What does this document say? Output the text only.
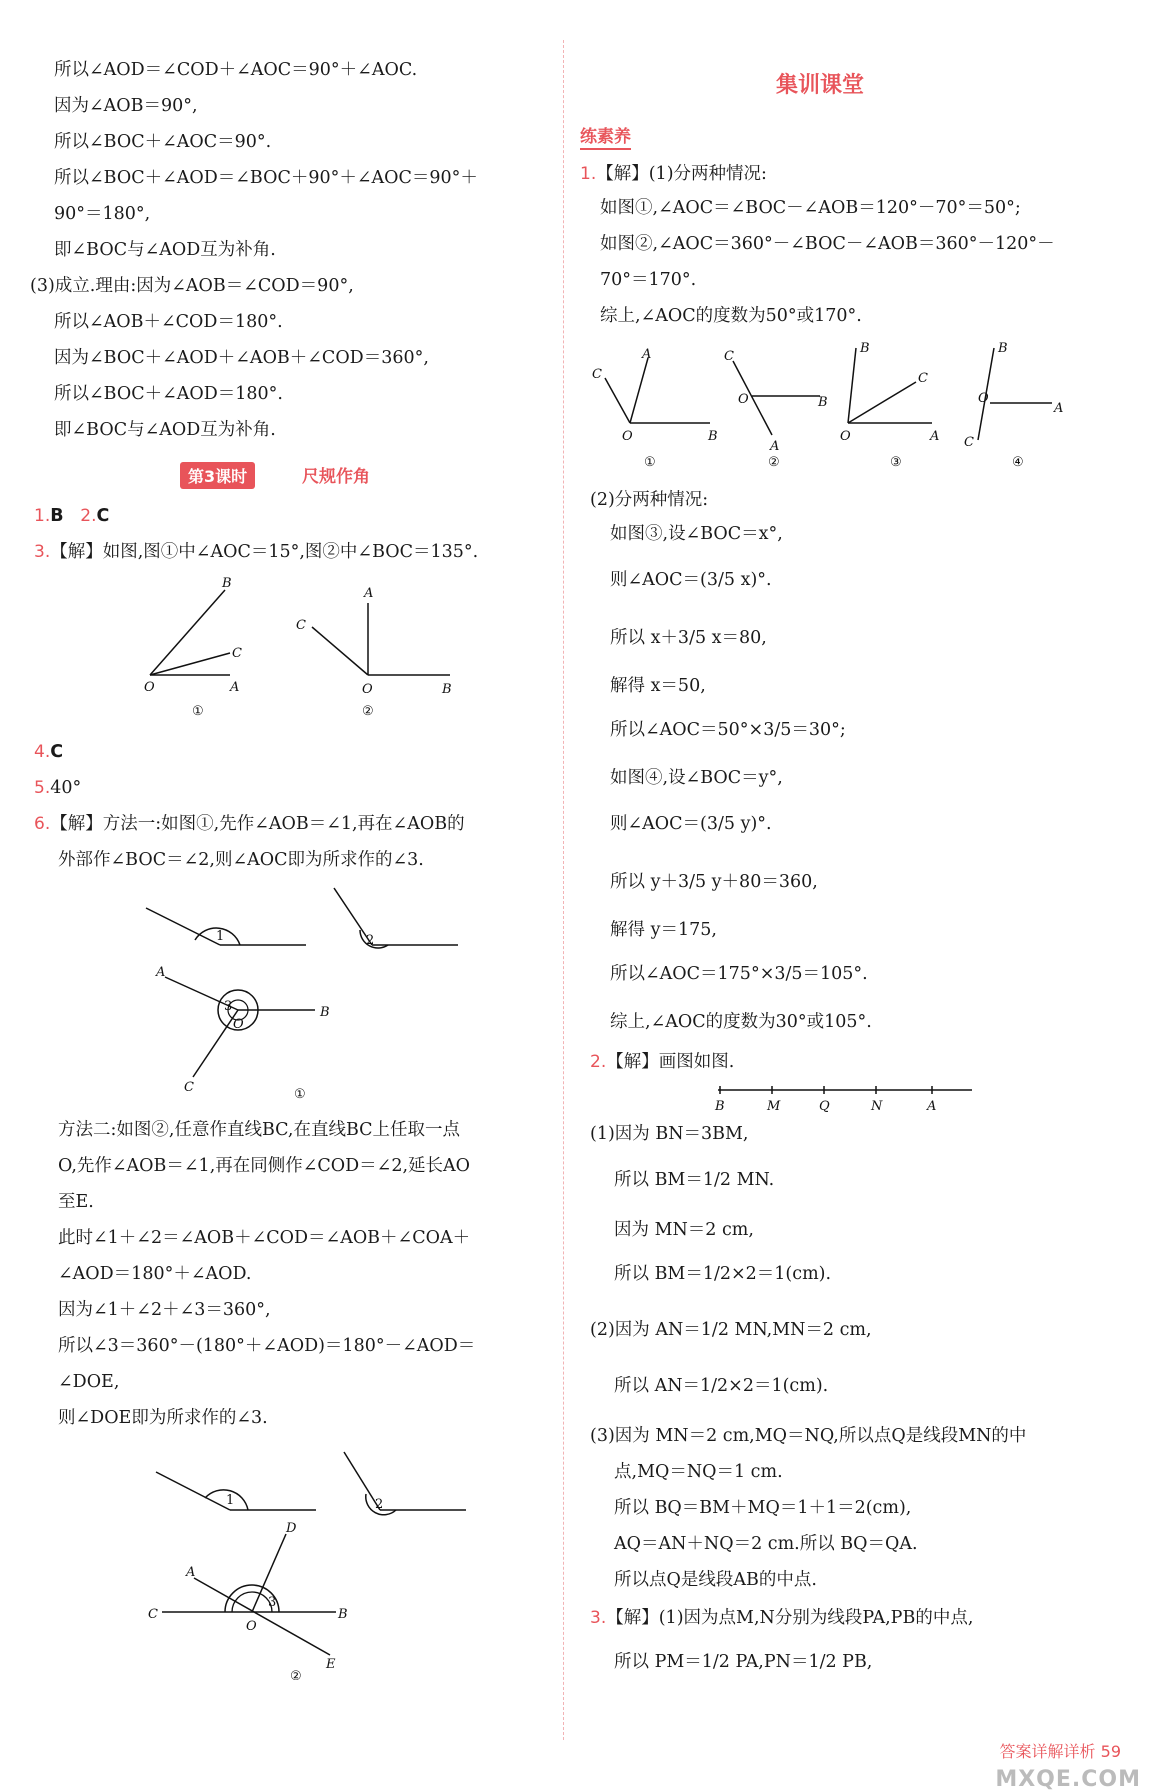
所以∠AOD＝∠COD＋∠AOC＝90°＋∠AOC.
因为∠AOB＝90°,
所以∠BOC＋∠AOC＝90°.
所以∠BOC＋∠AOD＝∠BOC＋90°＋∠AOC＝90°＋
90°＝180°,
即∠BOC与∠AOD互为补角.
(3)成立.理由:因为∠AOB＝∠COD＝90°,
所以∠AOB＋∠COD＝180°.
因为∠BOC＋∠AOD＋∠AOB＋∠COD＝360°,
所以∠BOC＋∠AOD＝180°.
即∠BOC与∠AOD互为补角.
第3课时	尺规作角
1.B 2.C
3.【解】如图,图①中∠AOC＝15°,图②中∠BOC＝135°.
O	A
C
B
①
O	B
A
C
②
4.C
5.40°
6.【解】方法一:如图①,先作∠AOB＝∠1,再在∠AOB的
外部作∠BOC＝∠2,则∠AOC即为所求作的∠3.
1	2
3
O
A
B
C	①
方法二:如图②,任意作直线BC,在直线BC上任取一点
O,先作∠AOB＝∠1,再在同侧作∠COD＝∠2,延长AO
至E.
此时∠1＋∠2＝∠AOB＋∠COD＝∠AOB＋∠COA＋
∠AOD＝180°＋∠AOD.
因为∠1＋∠2＋∠3＝360°,
所以∠3＝360°－(180°＋∠AOD)＝180°－∠AOD＝
∠DOE,
则∠DOE即为所求作的∠3.
1	2
3
O
A
C	B
D
E
②
集训课堂
练素养
1.【解】(1)分两种情况:
如图①,∠AOC＝∠BOC－∠AOB＝120°－70°＝50°;
如图②,∠AOC＝360°－∠BOC－∠AOB＝360°－120°－
70°＝170°.
综上,∠AOC的度数为50°或170°.
O	B
A
C
①
O	B
C
A
②
O	A
B
C
③
O
A
B
C
④
(2)分两种情况:
如图③,设∠BOC＝x°,
则∠AOC＝(3/5 x)°.
所以 x＋3/5 x＝80,
解得 x＝50,
所以∠AOC＝50°×3/5＝30°;
如图④,设∠BOC＝y°,
则∠AOC＝(3/5 y)°.
所以 y＋3/5 y＋80＝360,
解得 y＝175,
所以∠AOC＝175°×3/5＝105°.
综上,∠AOC的度数为30°或105°.
2.【解】画图如图.
B	M	Q	N	A
(1)因为 BN＝3BM,
所以 BM＝1/2 MN.
因为 MN＝2 cm,
所以 BM＝1/2×2＝1(cm).
(2)因为 AN＝1/2 MN,MN＝2 cm,
所以 AN＝1/2×2＝1(cm).
(3)因为 MN＝2 cm,MQ＝NQ,所以点Q是线段MN的中
点,MQ＝NQ＝1 cm.
所以 BQ＝BM＋MQ＝1＋1＝2(cm),
AQ＝AN＋NQ＝2 cm.所以 BQ＝QA.
所以点Q是线段AB的中点.
3.【解】(1)因为点M,N分别为线段PA,PB的中点,
所以 PM＝1/2 PA,PN＝1/2 PB,
答案详解详析 59
MXQE.COM
